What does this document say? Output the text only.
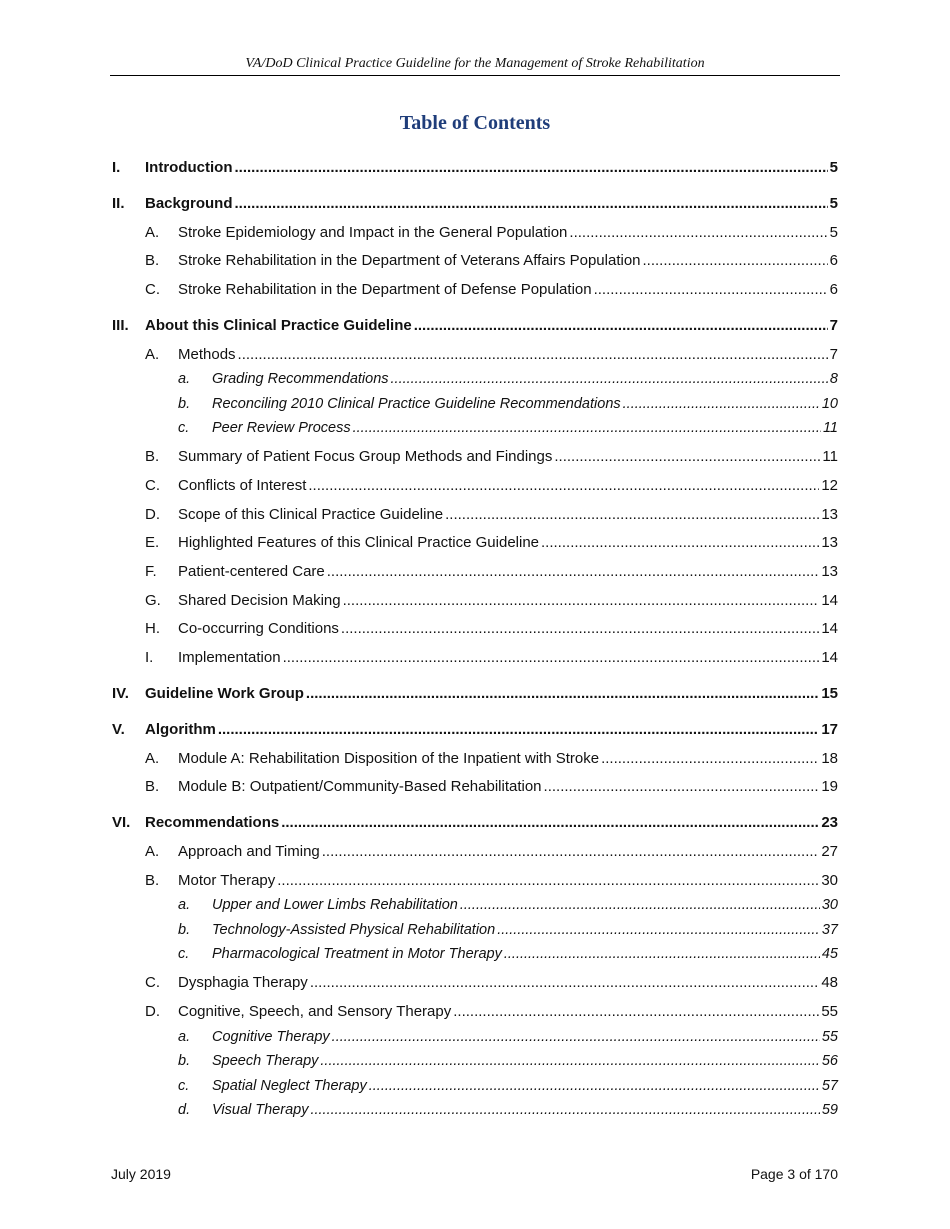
VA/DoD Clinical Practice Guideline for the Management of Stroke Rehabilitation
Table of Contents
I.	Introduction .....	5
II.	Background .....	5
A.	Stroke Epidemiology and Impact in the General Population .....	5
B.	Stroke Rehabilitation in the Department of Veterans Affairs Population .....	6
C.	Stroke Rehabilitation in the Department of Defense Population .....	6
III.	About this Clinical Practice Guideline .....	7
A.	Methods .....	7
a.	Grading Recommendations .....	8
b.	Reconciling 2010 Clinical Practice Guideline Recommendations .....	10
c.	Peer Review Process .....	11
B.	Summary of Patient Focus Group Methods and Findings .....	11
C.	Conflicts of Interest .....	12
D.	Scope of this Clinical Practice Guideline .....	13
E.	Highlighted Features of this Clinical Practice Guideline .....	13
F.	Patient-centered Care .....	13
G.	Shared Decision Making .....	14
H.	Co-occurring Conditions .....	14
I.	Implementation .....	14
IV.	Guideline Work Group .....	15
V.	Algorithm .....	17
A.	Module A: Rehabilitation Disposition of the Inpatient with Stroke .....	18
B.	Module B: Outpatient/Community-Based Rehabilitation .....	19
VI. Recommendations .....	23
A.	Approach and Timing .....	27
B.	Motor Therapy .....	30
a.	Upper and Lower Limbs Rehabilitation .....	30
b.	Technology-Assisted Physical Rehabilitation .....	37
c.	Pharmacological Treatment in Motor Therapy .....	45
C.	Dysphagia Therapy .....	48
D.	Cognitive, Speech, and Sensory Therapy .....	55
a.	Cognitive Therapy .....	55
b.	Speech Therapy .....	56
c.	Spatial Neglect Therapy .....	57
d.	Visual Therapy .....	59
July 2019	Page 3 of 170
